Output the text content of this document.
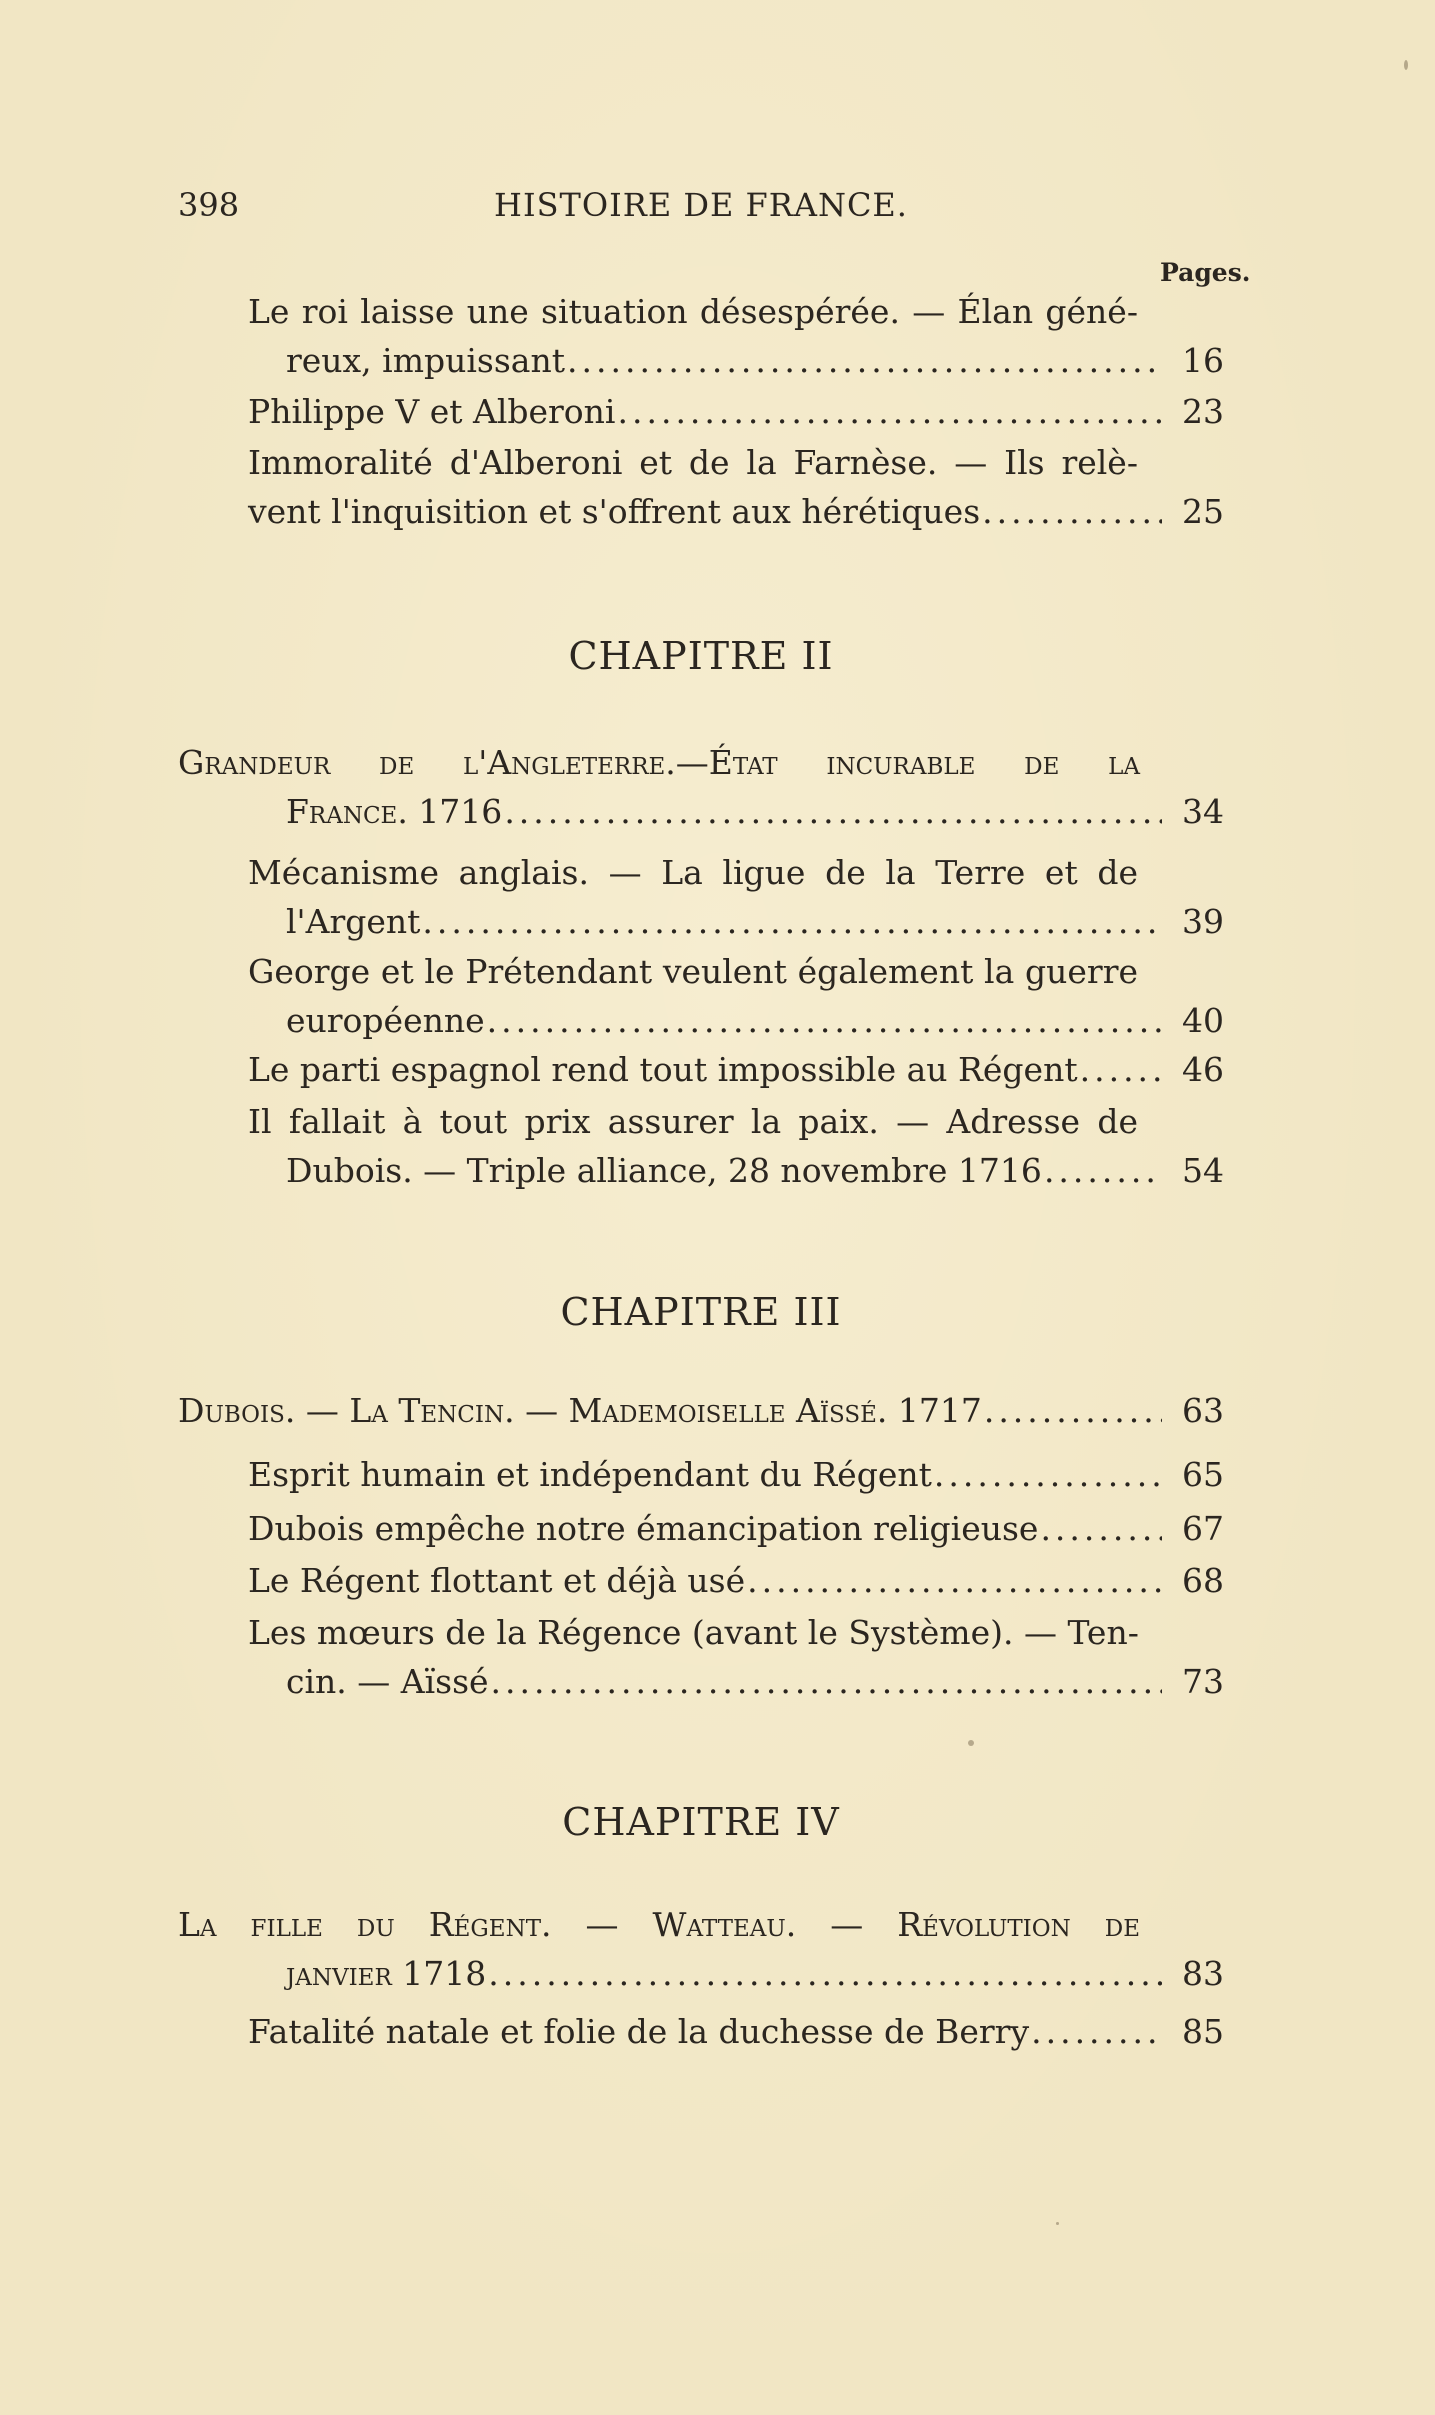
398	HISTOIRE DE FRANCE.
Pages.
Le roi laisse une situation désespérée. — Élan géné-
reux, impuissant .....	16
Philippe V et Alberoni .....	23
Immoralité d'Alberoni et de la Farnèse. — Ils relè-
vent l'inquisition et s'offrent aux hérétiques .....	25
CHAPITRE II
Grandeur de l'Angleterre.—État incurable de la
France. 1716 .....	34
Mécanisme anglais. — La ligue de la Terre et de
l'Argent .....	39
George et le Prétendant veulent également la guerre
européenne .....	40
Le parti espagnol rend tout impossible au Régent .....	46
Il fallait à tout prix assurer la paix. — Adresse de
Dubois. — Triple alliance, 28 novembre 1716 .....	54
CHAPITRE III
Dubois. — La Tencin. — Mademoiselle Aïssé. 1717 .....	63
Esprit humain et indépendant du Régent .....	65
Dubois empêche notre émancipation religieuse .....	67
Le Régent flottant et déjà usé .....	68
Les mœurs de la Régence (avant le Système). — Ten-
cin. — Aïssé .....	73
CHAPITRE IV
La fille du Régent. — Watteau. — Révolution de
janvier 1718 .....	83
Fatalité natale et folie de la duchesse de Berry .....	85
